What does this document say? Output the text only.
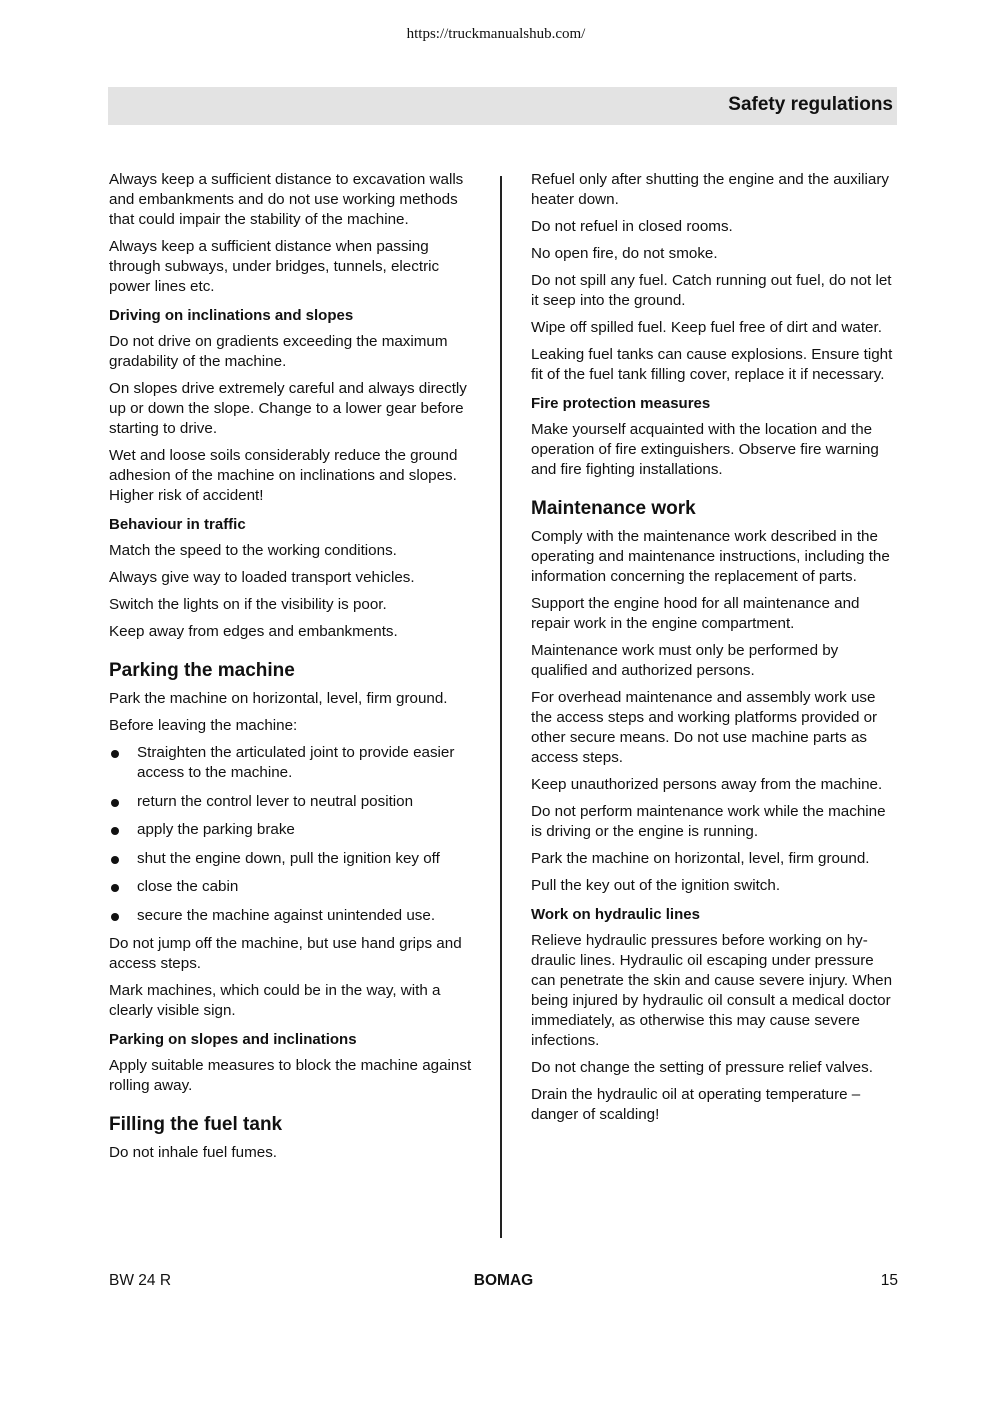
https://truckmanualshub.com/
Safety regulations

Always keep a sufficient distance to excavation walls and embankments and do not use working methods that could impair the stability of the machine.

Always keep a sufficient distance when passing through subways, under bridges, tunnels, electric power lines etc.

Driving on inclinations and slopes

Do not drive on gradients exceeding the maximum gradability of the machine.

On slopes drive extremely careful and always directly up or down the slope. Change to a lower gear before starting to drive.

Wet and loose soils considerably reduce the ground adhesion of the machine on inclinations and slopes. Higher risk of accident!

Behaviour in traffic

Match the speed to the working conditions.

Always give way to loaded transport vehicles.

Switch the lights on if the visibility is poor.

Keep away from edges and embankments.

Parking the machine

Park the machine on horizontal, level, firm ground.

Before leaving the machine:

Straighten the articulated joint to provide easier access to the machine.
return the control lever to neutral position
apply the parking brake
shut the engine down, pull the ignition key off
close the cabin
secure the machine against unintended use.

Do not jump off the machine, but use hand grips and access steps.

Mark machines, which could be in the way, with a clearly visible sign.

Parking on slopes and inclinations

Apply suitable measures to block the machine against rolling away.

Filling the fuel tank

Do not inhale fuel fumes.

Refuel only after shutting the engine and the auxiliary heater down.

Do not refuel in closed rooms.

No open fire, do not smoke.

Do not spill any fuel. Catch running out fuel, do not let it seep into the ground.

Wipe off spilled fuel. Keep fuel free of dirt and water.

Leaking fuel tanks can cause explosions. Ensure tight fit of the fuel tank filling cover, replace it if necessary.

Fire protection measures

Make yourself acquainted with the location and the operation of fire extinguishers. Observe fire warning and fire fighting installations.

Maintenance work

Comply with the maintenance work described in the operating and maintenance instructions, including the information concerning the replacement of parts.

Support the engine hood for all maintenance and repair work in the engine compartment.

Maintenance work must only be performed by qualified and authorized persons.

For overhead maintenance and assembly work use the access steps and working platforms provided or other secure means. Do not use machine parts as access steps.

Keep unauthorized persons away from the machine.

Do not perform maintenance work while the machine is driving or the engine is running.

Park the machine on horizontal, level, firm ground.

Pull the key out of the ignition switch.

Work on hydraulic lines

Relieve hydraulic pressures before working on hydraulic lines. Hydraulic oil escaping under pressure can penetrate the skin and cause severe injury. When being injured by hydraulic oil consult a medical doctor immediately, as otherwise this may cause severe infections.

Do not change the setting of pressure relief valves.

Drain the hydraulic oil at operating temperature – danger of scalding!

BW 24 R	BOMAG	15
